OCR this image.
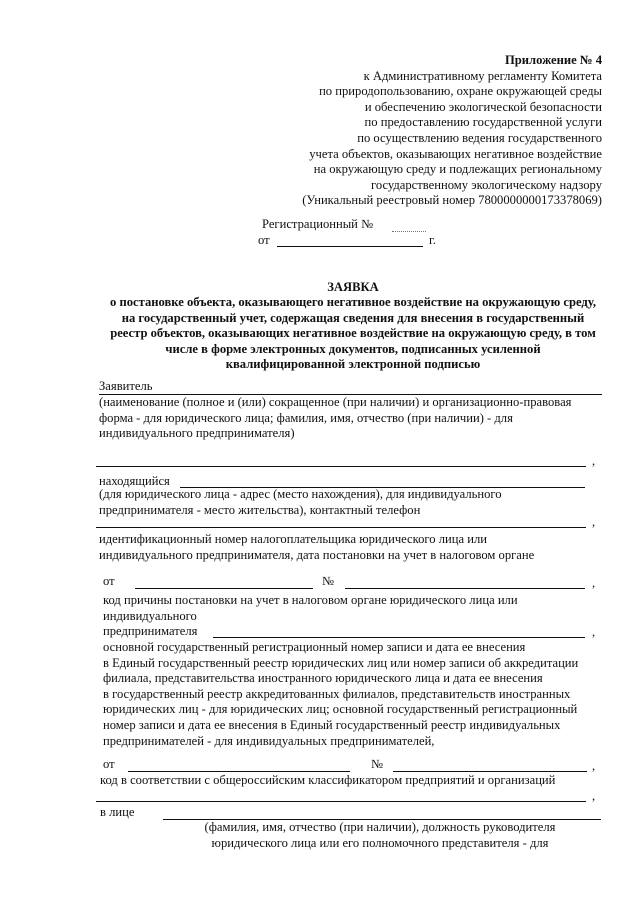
Приложение № 4
к Административному регламенту Комитета
по природопользованию, охране окружающей среды
и обеспечению экологической безопасности
по предоставлению государственной услуги
по осуществлению ведения государственного
учета объектов, оказывающих негативное воздействие
на окружающую среду и подлежащих региональному
государственному экологическому надзору
(Уникальный реестровый номер 7800000000173378069)
Регистрационный №
от	г.
ЗАЯВКА
о постановке объекта, оказывающего негативное воздействие на окружающую среду,
на государственный учет, содержащая сведения для внесения в государственный
реестр объектов, оказывающих негативное воздействие на окружающую среду, в том
числе в форме электронных документов, подписанных усиленной
квалифицированной электронной подписью
Заявитель
(наименование (полное и (или) сокращенное (при наличии) и организационно-правовая
форма - для юридического лица; фамилия, имя, отчество (при наличии) - для
индивидуального предпринимателя)
,
находящийся
(для юридического лица - адрес (место нахождения), для индивидуального
предпринимателя - место жительства), контактный телефон
,
идентификационный номер налогоплательщика юридического лица или
индивидуального предпринимателя, дата постановки на учет в налоговом органе
от	№	,
код причины постановки на учет в налоговом органе юридического лица или
индивидуального
предпринимателя	,
основной государственный регистрационный номер записи и дата ее внесения
в Единый государственный реестр юридических лиц или номер записи об аккредитации
филиала, представительства иностранного юридического лица и дата ее внесения
в государственный реестр аккредитованных филиалов, представительств иностранных
юридических лиц - для юридических лиц; основной государственный регистрационный
номер записи и дата ее внесения в Единый государственный реестр индивидуальных
предпринимателей - для индивидуальных предпринимателей,
от	№	,
код в соответствии с общероссийским классификатором предприятий и организаций
,
в лице
(фамилия, имя, отчество (при наличии), должность руководителя
юридического лица или его полномочного представителя - для
